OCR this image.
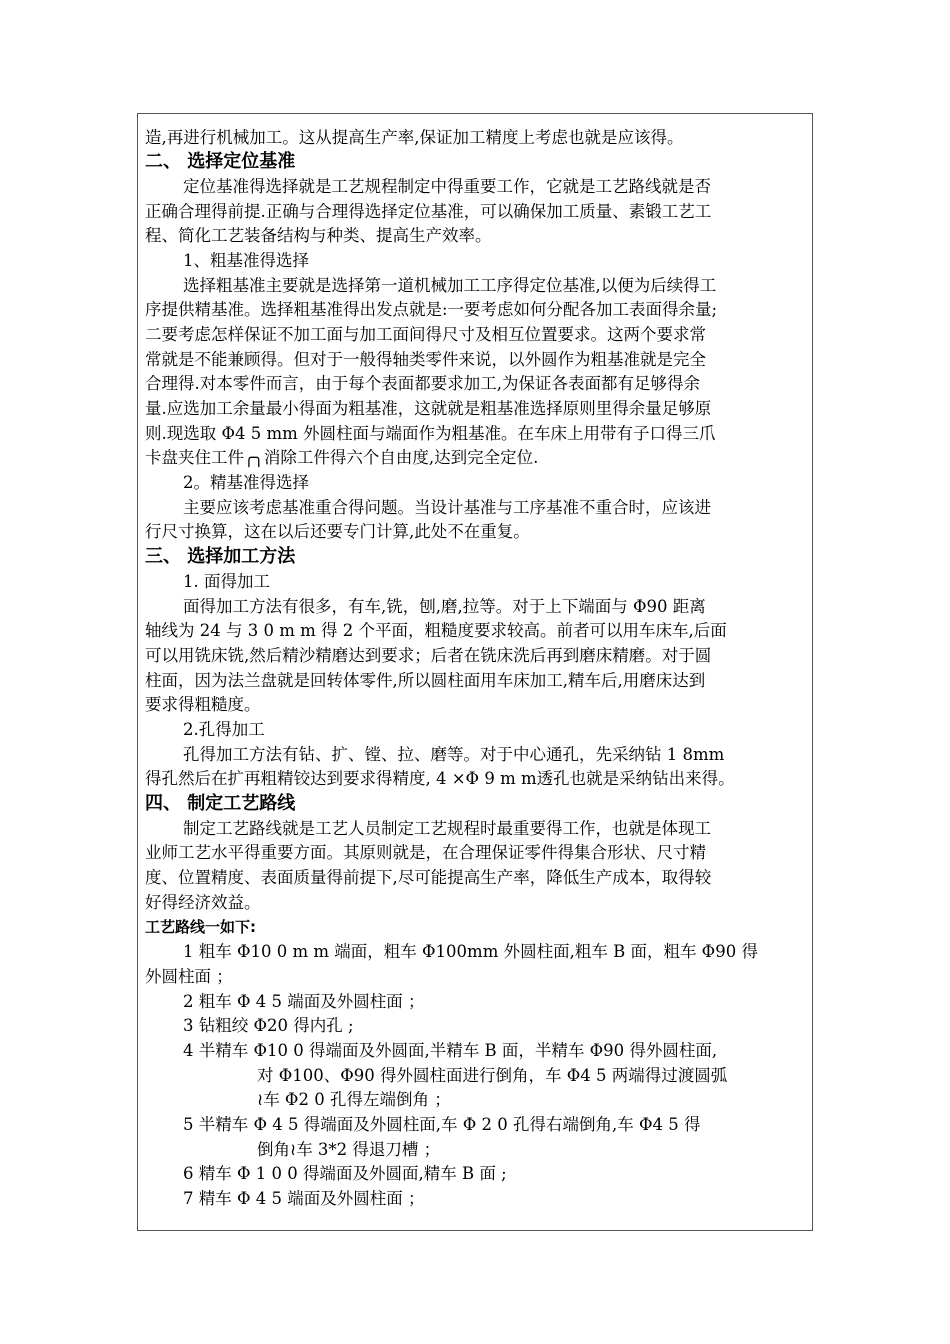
造,再进行机械加工。这从提高生产率,保证加工精度上考虑也就是应该得。
二、 选择定位基准
定位基准得选择就是工艺规程制定中得重要工作，它就是工艺路线就是否
正确合理得前提.正确与合理得选择定位基准，可以确保加工质量、素锻工艺工
程、简化工艺装备结构与种类、提高生产效率。
1、粗基准得选择
选择粗基准主要就是选择第一道机械加工工序得定位基准,以便为后续得工
序提供精基准。选择粗基准得出发点就是:一要考虑如何分配各加工表面得余量;
二要考虑怎样保证不加工面与加工面间得尺寸及相互位置要求。这两个要求常
常就是不能兼顾得。但对于一般得轴类零件来说，以外圆作为粗基准就是完全
合理得.对本零件而言，由于每个表面都要求加工,为保证各表面都有足够得余
量.应选加工余量最小得面为粗基准，这就就是粗基准选择原则里得余量足够原
则.现选取 Φ4 5 mm 外圆柱面与端面作为粗基准。在车床上用带有子口得三爪
卡盘夹住工件╭╮消除工件得六个自由度,达到完全定位.
2。精基准得选择
主要应该考虑基准重合得问题。当设计基准与工序基准不重合时，应该进
行尺寸换算，这在以后还要专门计算,此处不在重复。
三、 选择加工方法
1. 面得加工
面得加工方法有很多，有车,铣，刨,磨,拉等。对于上下端面与 Φ90 距离
轴线为 24 与 3 0 m m 得 2 个平面，粗糙度要求较高。前者可以用车床车,后面
可以用铣床铣,然后精沙精磨达到要求；后者在铣床洗后再到磨床精磨。对于圆
柱面，因为法兰盘就是回转体零件,所以圆柱面用车床加工,精车后,用磨床达到
要求得粗糙度。
2.孔得加工
孔得加工方法有钻、扩、镗、拉、磨等。对于中心通孔，先采纳钻 1 8mm
得孔然后在扩再粗精铰达到要求得精度, 4 ×Φ 9 m m透孔也就是采纳钻出来得。
四、 制定工艺路线
制定工艺路线就是工艺人员制定工艺规程时最重要得工作，也就是体现工
业师工艺水平得重要方面。其原则就是，在合理保证零件得集合形状、尺寸精
度、位置精度、表面质量得前提下,尽可能提高生产率，降低生产成本，取得较
好得经济效益。
工艺路线一如下:
1 粗车 Φ10 0 m m 端面，粗车 Φ100mm 外圆柱面,粗车 B 面，粗车 Φ90 得
外圆柱面 ；
2 粗车 Φ 4 5 端面及外圆柱面 ；
3 钻粗绞 Φ20 得内孔 ;
4 半精车 Φ10 0 得端面及外圆面,半精车 B 面，半精车 Φ90 得外圆柱面,
对 Φ100、Φ90 得外圆柱面进行倒角，车 Φ4 5 两端得过渡圆弧
≀车 Φ2 0 孔得左端倒角 ；
5 半精车 Φ 4 5 得端面及外圆柱面,车 Φ 2 0 孔得右端倒角,车 Φ4 5 得
倒角≀车 3*2 得退刀槽 ；
6 精车 Φ 1 0 0 得端面及外圆面,精车 B 面 ;
7 精车 Φ 4 5 端面及外圆柱面 ；
